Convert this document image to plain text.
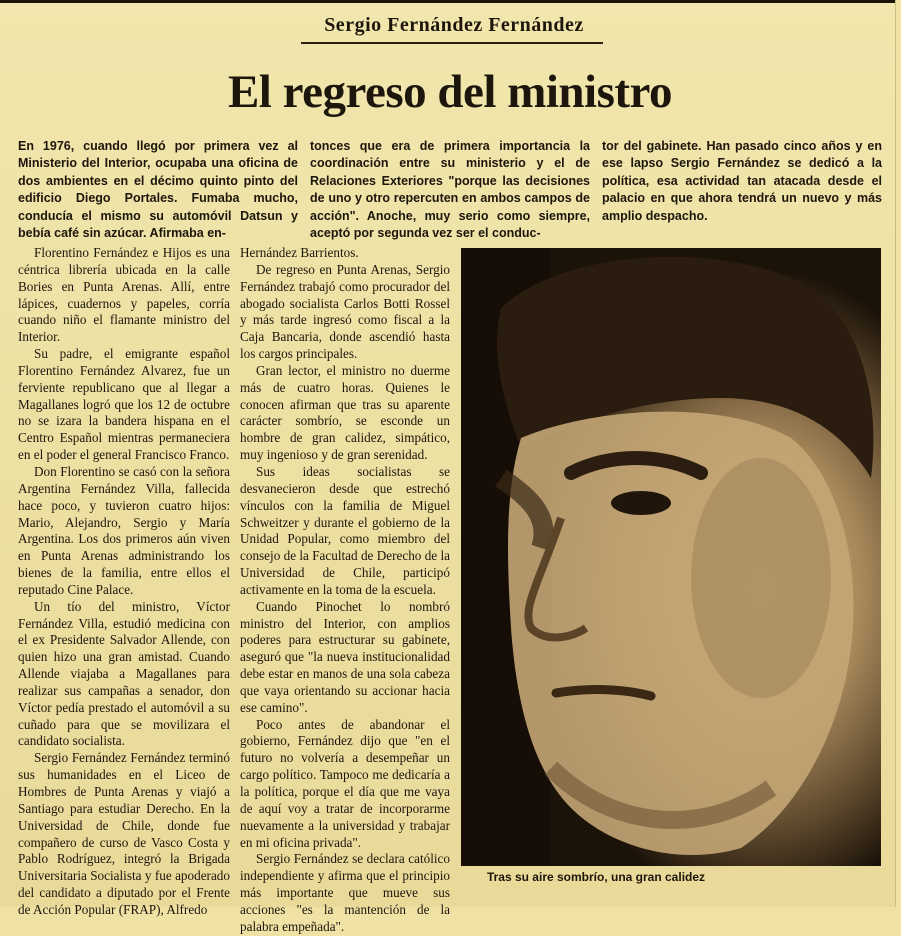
Sergio Fernández Fernández
El regreso del ministro
En 1976, cuando llegó por primera vez al Ministerio del Interior, ocupaba una oficina de dos ambientes en el décimo quinto pinto del edificio Diego Portales. Fumaba mucho, conducía el mismo su automóvil Datsun y bebía café sin azúcar. Afirmaba en-
tonces que era de primera importancia la coordinación entre su ministerio y el de Relaciones Exteriores "porque las decisiones de uno y otro repercuten en ambos campos de acción". Anoche, muy serio como siempre, aceptó por segunda vez ser el conduc-
tor del gabinete. Han pasado cinco años y en ese lapso Sergio Fernández se dedicó a la política, esa actividad tan atacada desde el palacio en que ahora tendrá un nuevo y más amplio despacho.

Florentino Fernández e Hijos es una céntrica librería ubicada en la calle Bories en Punta Arenas. Allí, entre lápices, cuadernos y papeles, corría cuando niño el flamante ministro del Interior.

Su padre, el emigrante español Florentino Fernández Alvarez, fue un ferviente republicano que al llegar a Magallanes logró que los 12 de octubre no se izara la bandera hispana en el Centro Español mientras permaneciera en el poder el general Francisco Franco.

Don Florentino se casó con la señora Argentina Fernández Villa, fallecida hace poco, y tuvieron cuatro hijos: Mario, Alejandro, Sergio y María Argentina. Los dos primeros aún viven en Punta Arenas administrando los bienes de la familia, entre ellos el reputado Cine Palace.

Un tío del ministro, Víctor Fernández Villa, estudió medicina con el ex Presidente Salvador Allende, con quien hizo una gran amistad. Cuando Allende viajaba a Magallanes para realizar sus campañas a senador, don Víctor pedía prestado el automóvil a su cuñado para que se movilizara el candidato socialista.

Sergio Fernández Fernández terminó sus humanidades en el Liceo de Hombres de Punta Arenas y viajó a Santiago para estudiar Derecho. En la Universidad de Chile, donde fue compañero de curso de Vasco Costa y Pablo Rodríguez, integró la Brigada Universitaria Socialista y fue apoderado del candidato a diputado por el Frente de Acción Popular (FRAP), Alfredo

Hernández Barrientos.

De regreso en Punta Arenas, Sergio Fernández trabajó como procurador del abogado socialista Carlos Botti Rossel y más tarde ingresó como fiscal a la Caja Bancaria, donde ascendió hasta los cargos principales.

Gran lector, el ministro no duerme más de cuatro horas. Quienes le conocen afirman que tras su aparente carácter sombrío, se esconde un hombre de gran calidez, simpático, muy ingenioso y de gran serenidad.

Sus ideas socialistas se desvanecieron desde que estrechó vínculos con la familia de Miguel Schweitzer y durante el gobierno de la Unidad Popular, como miembro del consejo de la Facultad de Derecho de la Universidad de Chile, participó activamente en la toma de la escuela.

Cuando Pinochet lo nombró ministro del Interior, con amplios poderes para estructurar su gabinete, aseguró que "la nueva institucionalidad debe estar en manos de una sola cabeza que vaya orientando su accionar hacia ese camino".

Poco antes de abandonar el gobierno, Fernández dijo que "en el futuro no volvería a desempeñar un cargo político. Tampoco me dedicaría a la política, porque el día que me vaya de aquí voy a tratar de incorporarme nuevamente a la universidad y trabajar en mi oficina privada".

Sergio Fernández se declara católico independiente y afirma que el principio más importante que mueve sus acciones "es la mantención de la palabra empeñada".

Tras su aire sombrío, una gran calidez
